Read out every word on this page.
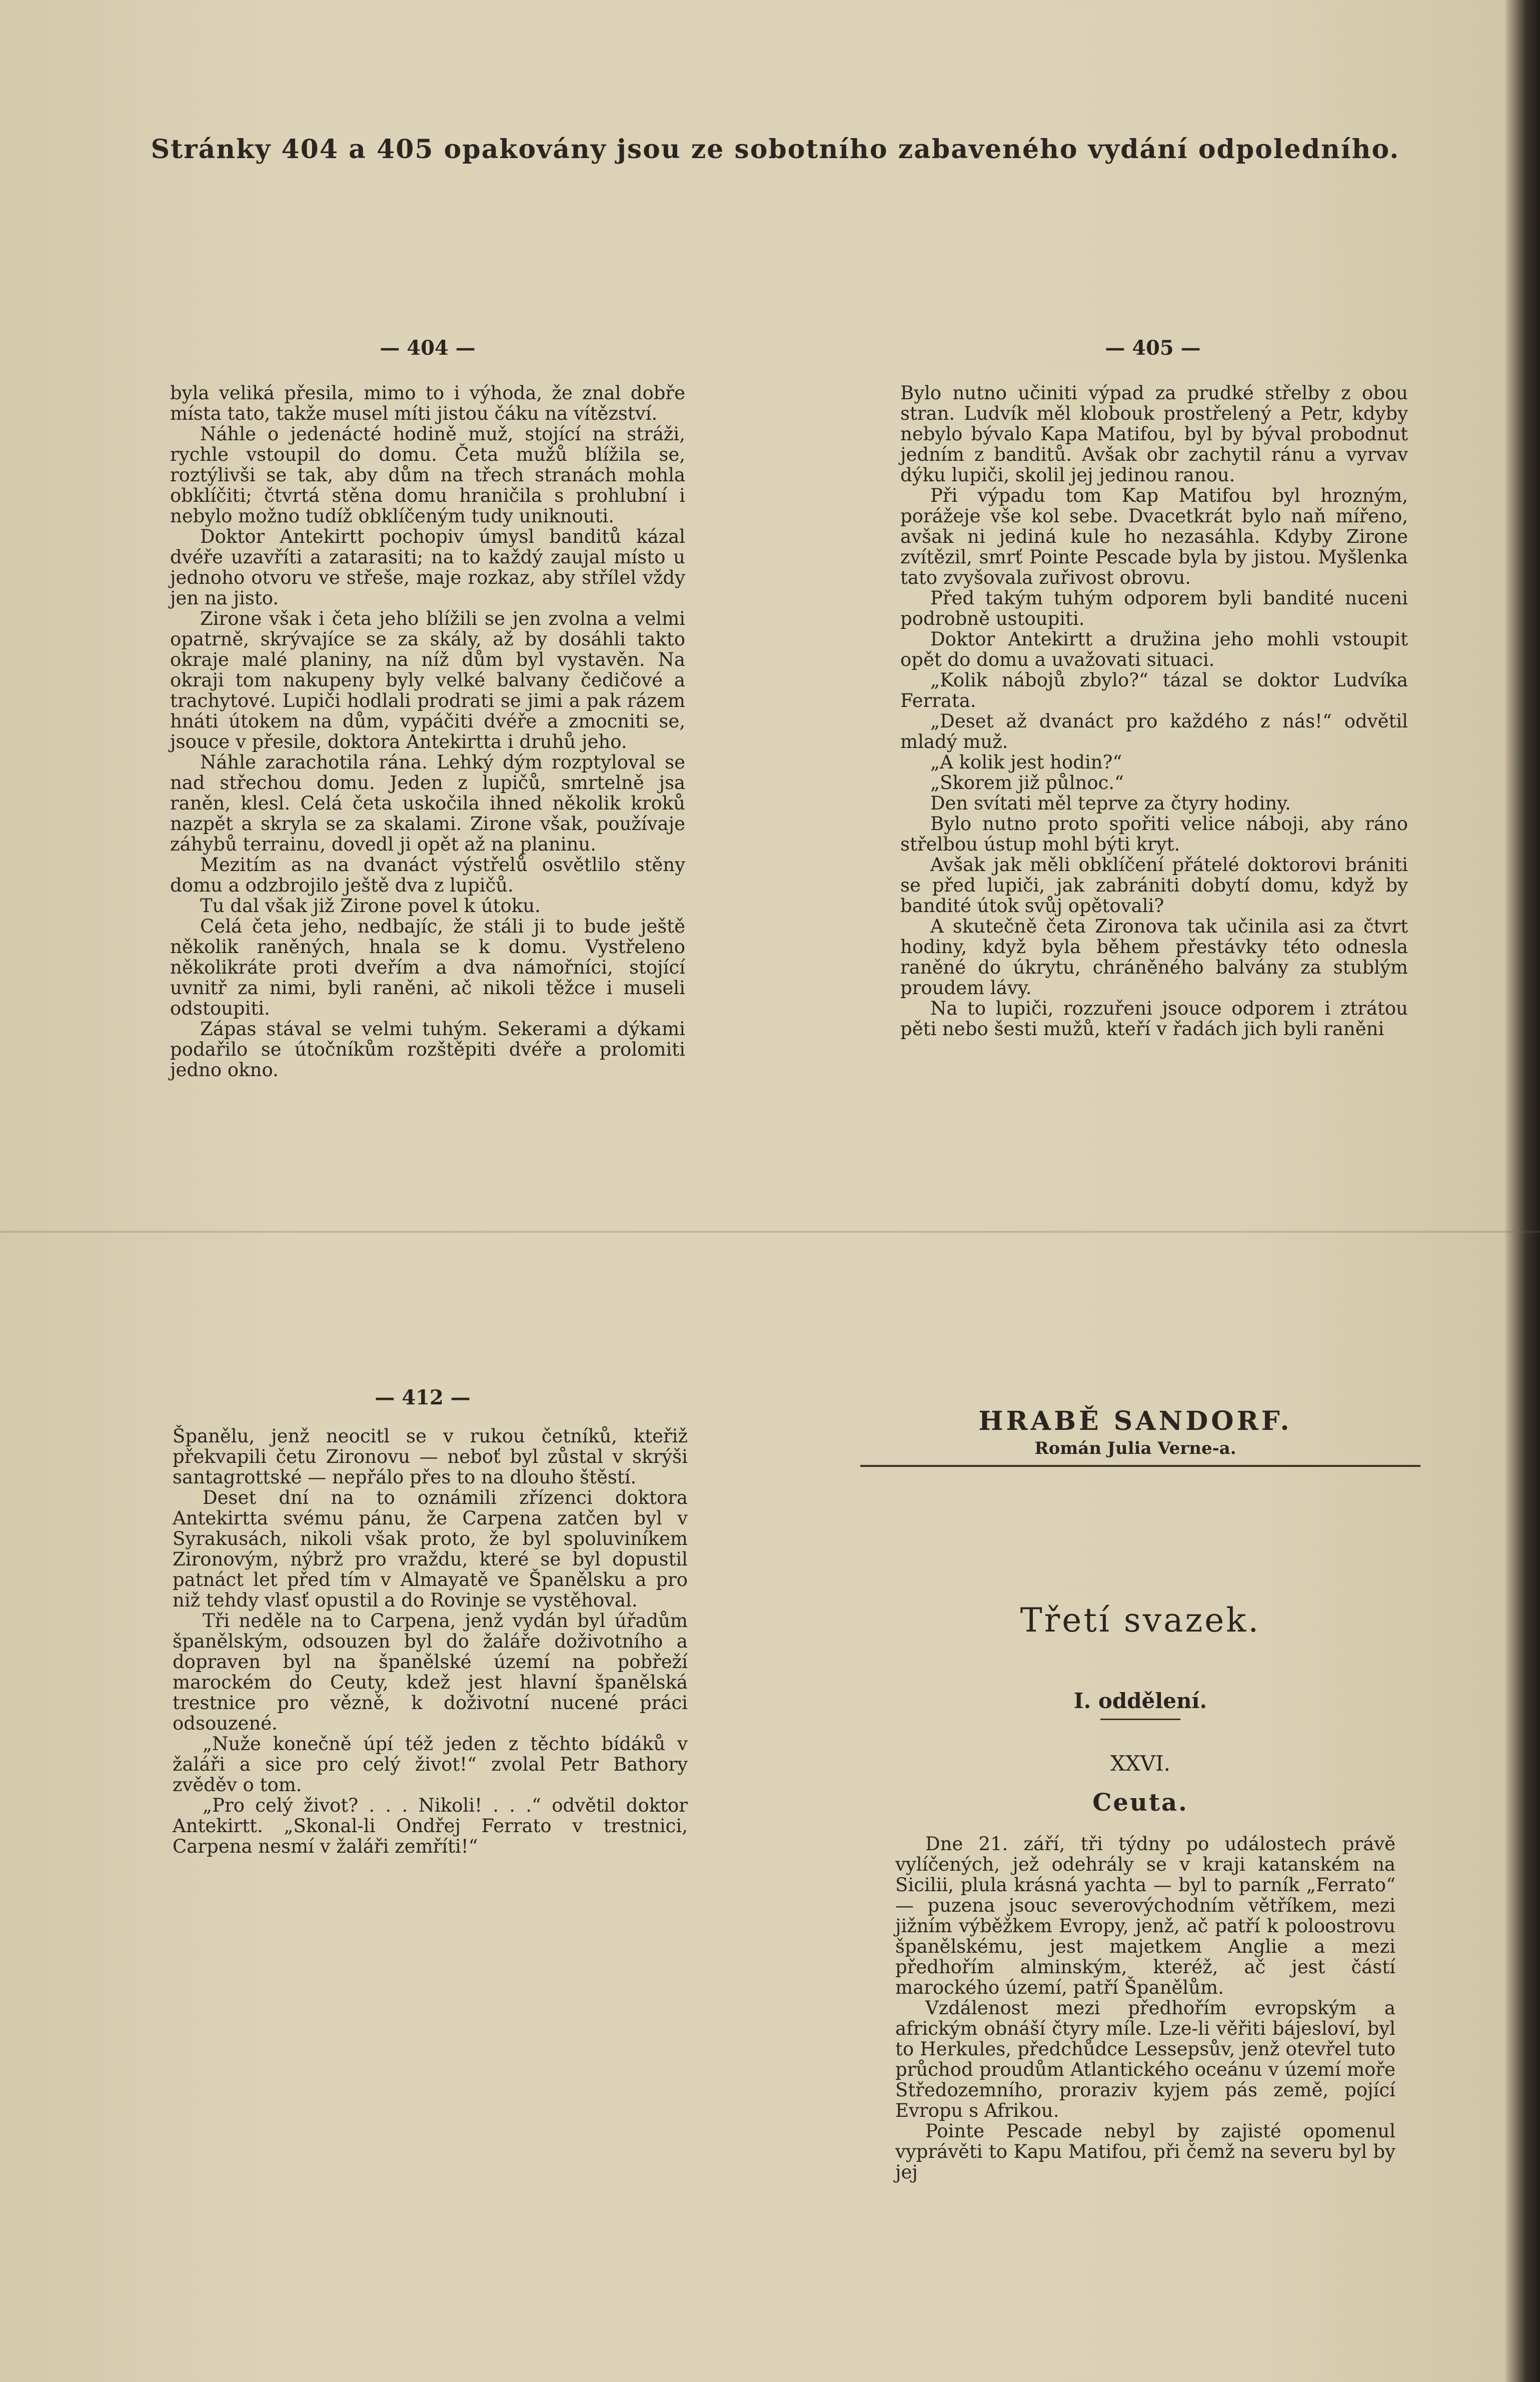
Stránky 404 a 405 opakovány jsou ze sobotního zabaveného vydání odpoledního.
— 404 —

byla veliká přesila, mimo to i výhoda, že znal dobře místa tato, takže musel míti jistou čáku na vítězství.

Náhle o jedenácté hodině muž, stojící na stráži, rychle vstoupil do domu. Četa mužů blížila se, roztýlivši se tak, aby dům na třech stranách mohla obklíčiti; čtvrtá stěna domu hraničila s prohlubní i nebylo možno tudíž obklíčeným tudy uniknouti.

Doktor Antekirtt pochopiv úmysl banditů kázal dvéře uzavříti a zatarasiti; na to každý zaujal místo u jednoho otvoru ve střeše, maje rozkaz, aby střílel vždy jen na jisto.

Zirone však i četa jeho blížili se jen zvolna a velmi opatrně, skrývajíce se za skály, až by dosáhli takto okraje malé planiny, na níž dům byl vystavěn. Na okraji tom nakupeny byly velké balvany čedičové a trachytové. Lupiči hodlali prodrati se jimi a pak rázem hnáti útokem na dům, vypáčiti dvéře a zmocniti se, jsouce v přesile, doktora Antekirtta i druhů jeho.

Náhle zarachotila rána. Lehký dým rozptyloval se nad střechou domu. Jeden z lupičů, smrtelně jsa raněn, klesl. Celá četa uskočila ihned několik kroků nazpět a skryla se za skalami. Zirone však, používaje záhybů terrainu, dovedl ji opět až na planinu.

Mezitím as na dvanáct výstřelů osvětlilo stěny domu a odzbrojilo ještě dva z lupičů.

Tu dal však již Zirone povel k útoku.

Celá četa jeho, nedbajíc, že stáli ji to bude ještě několik raněných, hnala se k domu. Vystřeleno několikráte proti dveřím a dva námořníci, stojící uvnitř za nimi, byli raněni, ač nikoli těžce i museli odstoupiti.

Zápas stával se velmi tuhým. Sekerami a dýkami podařilo se útočníkům rozštěpiti dvéře a prolomiti jedno okno.

— 405 —

Bylo nutno učiniti výpad za prudké střelby z obou stran. Ludvík měl klobouk prostřelený a Petr, kdyby nebylo bývalo Kapa Matifou, byl by býval probodnut jedním z banditů. Avšak obr zachytil ránu a vyrvav dýku lupiči, skolil jej jedinou ranou.

Při výpadu tom Kap Matifou byl hrozným, porážeje vše kol sebe. Dvacetkrát bylo naň mířeno, avšak ni jediná kule ho nezasáhla. Kdyby Zirone zvítězil, smrť Pointe Pescade byla by jistou. Myšlenka tato zvyšovala zuřivost obrovu.

Před takým tuhým odporem byli bandité nuceni podrobně ustoupiti.

Doktor Antekirtt a družina jeho mohli vstoupit opět do domu a uvažovati situaci.

„Kolik nábojů zbylo?“ tázal se doktor Ludvíka Ferrata.

„Deset až dvanáct pro každého z nás!“ odvětil mladý muž.

„A kolik jest hodin?“

„Skorem již půlnoc.“

Den svítati měl teprve za čtyry hodiny.

Bylo nutno proto spořiti velice náboji, aby ráno střelbou ústup mohl býti kryt.

Avšak jak měli obklíčení přátelé doktorovi brániti se před lupiči, jak zabrániti dobytí domu, když by bandité útok svůj opětovali?

A skutečně četa Zironova tak učinila asi za čtvrt hodiny, když byla během přestávky této odnesla raněné do úkrytu, chráněného balvány za stublým proudem lávy.

Na to lupiči, rozzuřeni jsouce odporem i ztrátou pěti nebo šesti mužů, kteří v řadách jich byli raněni

— 412 —

Španělu, jenž neocitl se v rukou četníků, kteřiž překvapili četu Zironovu — neboť byl zůstal v skrýši santagrottské — nepřálo přes to na dlouho štěstí.

Deset dní na to oznámili zřízenci doktora Antekirtta svému pánu, že Carpena zatčen byl v Syrakusách, nikoli však proto, že byl spoluviníkem Zironovým, nýbrž pro vraždu, které se byl dopustil patnáct let před tím v Almayatě ve Španělsku a pro niž tehdy vlasť opustil a do Rovinje se vystěhoval.

Tři neděle na to Carpena, jenž vydán byl úřadům španělským, odsouzen byl do žaláře doživotního a dopraven byl na španělské území na pobřeží marockém do Ceuty, kdež jest hlavní španělská trestnice pro vězně, k doživotní nucené práci odsouzené.

„Nuže konečně úpí též jeden z těchto bídáků v žaláři a sice pro celý život!“ zvolal Petr Bathory zvěděv o tom.

„Pro celý život? . . . Nikoli! . . .“ odvětil doktor Antekirtt. „Skonal-li Ondřej Ferrato v trestnici, Carpena nesmí v žaláři zemříti!“

HRABĚ SANDORF.
Román Julia Verne-a.
Třetí svazek.
I. oddělení.
XXVI.
Ceuta.

Dne 21. září, tři týdny po událostech právě vylíčených, jež odehrály se v kraji katanském na Sicilii, plula krásná yachta — byl to parník „Ferrato“ — puzena jsouc severovýchodním větříkem, mezi jižním výběžkem Evropy, jenž, ač patří k poloostrovu španělskému, jest majetkem Anglie a mezi předhořím alminským, kteréž, ač jest částí marockého území, patří Španělům.

Vzdálenost mezi předhořím evropským a africkým obnáší čtyry míle. Lze-li věřiti bájesloví, byl to Herkules, předchůdce Lessepsův, jenž otevřel tuto průchod proudům Atlantického oceánu v území moře Středozemního, proraziv kyjem pás země, pojící Evropu s Afrikou.

Pointe Pescade nebyl by zajisté opomenul vyprávěti to Kapu Matifou, při čemž na severu byl by jej
